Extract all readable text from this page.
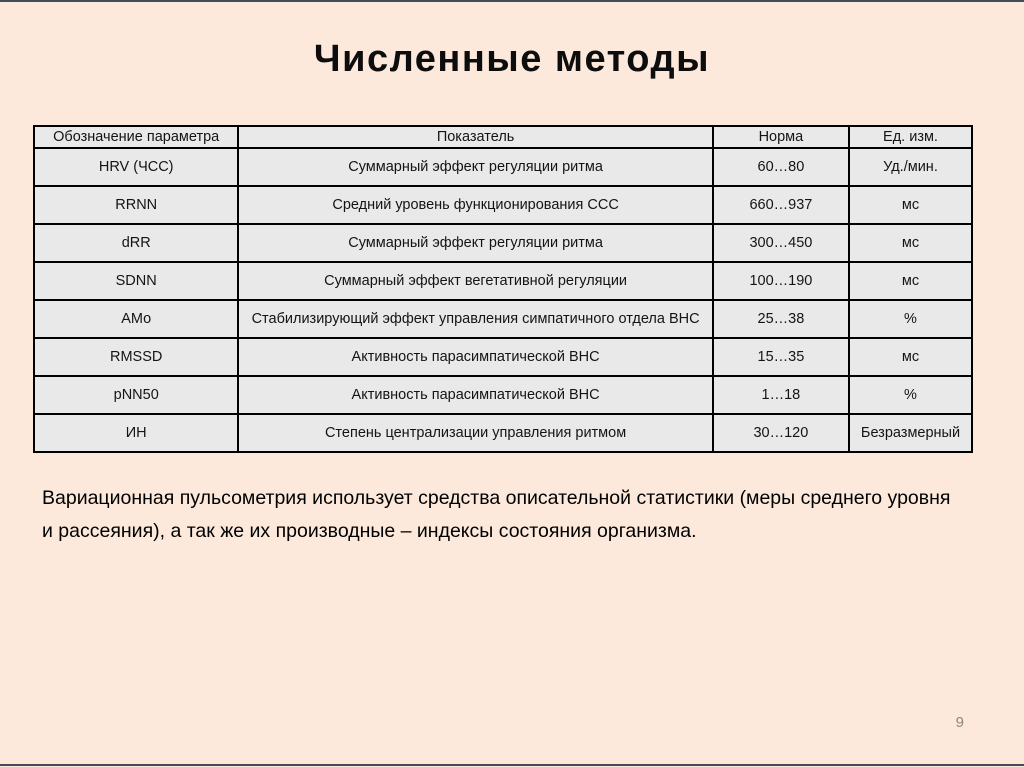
Численные методы
Обозначение параметра	Показатель	Норма	Ед. изм.
HRV (ЧСС)	Суммарный эффект регуляции ритма	60…80	Уд./мин.
RRNN	Средний уровень функционирования ССС	660…937	мс
dRR	Суммарный эффект регуляции ритма	300…450	мс
SDNN	Суммарный эффект вегетативной регуляции	100…190	мс
АМо	Стабилизирующий эффект управления симпатичного отдела ВНС	25…38	%
RMSSD	Активность парасимпатической ВНС	15…35	мс
pNN50	Активность парасимпатической ВНС	1…18	%
ИН	Степень централизации управления ритмом	30…120	Безразмерный

Вариационная пульсометрия использует средства описательной статистики (меры среднего уровня и рассеяния), а так же их производные – индексы состояния организма.

9
